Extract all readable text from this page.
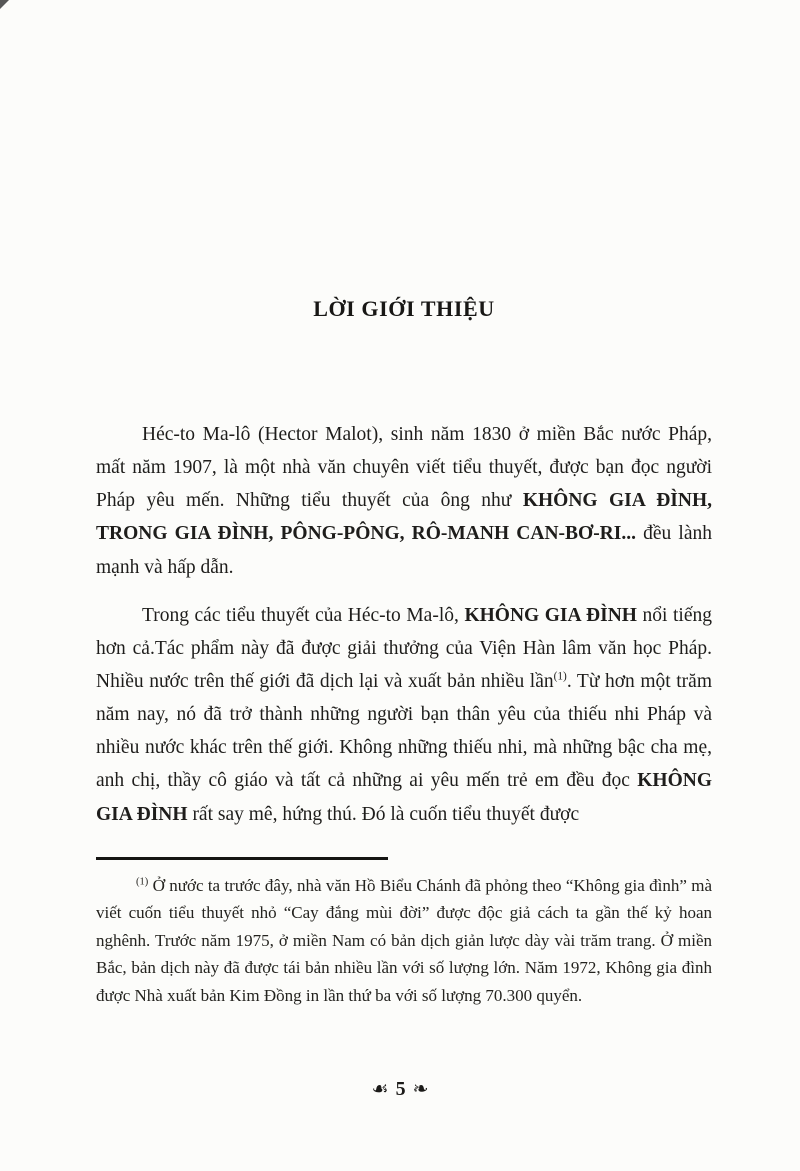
LỜI GIỚI THIỆU

Héc-to Ma-lô (Hector Malot), sinh năm 1830 ở miền Bắc nước Pháp, mất năm 1907, là một nhà văn chuyên viết tiểu thuyết, được bạn đọc người Pháp yêu mến. Những tiểu thuyết của ông như KHÔNG GIA ĐÌNH, TRONG GIA ĐÌNH, PÔNG-PÔNG, RÔ-MANH CAN-BƠ-RI... đều lành mạnh và hấp dẫn.

Trong các tiểu thuyết của Héc-to Ma-lô, KHÔNG GIA ĐÌNH nổi tiếng hơn cả.Tác phẩm này đã được giải thưởng của Viện Hàn lâm văn học Pháp. Nhiều nước trên thế giới đã dịch lại và xuất bản nhiều lần$^{(1)}$. Từ hơn một trăm năm nay, nó đã trở thành những người bạn thân yêu của thiếu nhi Pháp và nhiều nước khác trên thế giới. Không những thiếu nhi, mà những bậc cha mẹ, anh chị, thầy cô giáo và tất cả những ai yêu mến trẻ em đều đọc KHÔNG GIA ĐÌNH rất say mê, hứng thú. Đó là cuốn tiểu thuyết được

$^{(1)}$ Ở nước ta trước đây, nhà văn Hồ Biểu Chánh đã phỏng theo “Không gia đình” mà viết cuốn tiểu thuyết nhỏ “Cay đắng mùi đời” được độc giả cách ta gần thế kỷ hoan nghênh. Trước năm 1975, ở miền Nam có bản dịch giản lược dày vài trăm trang. Ở miền Bắc, bản dịch này đã được tái bản nhiều lần với số lượng lớn. Năm 1972, Không gia đình được Nhà xuất bản Kim Đồng in lần thứ ba với số lượng 70.300 quyển.

☙ 5 ❧
